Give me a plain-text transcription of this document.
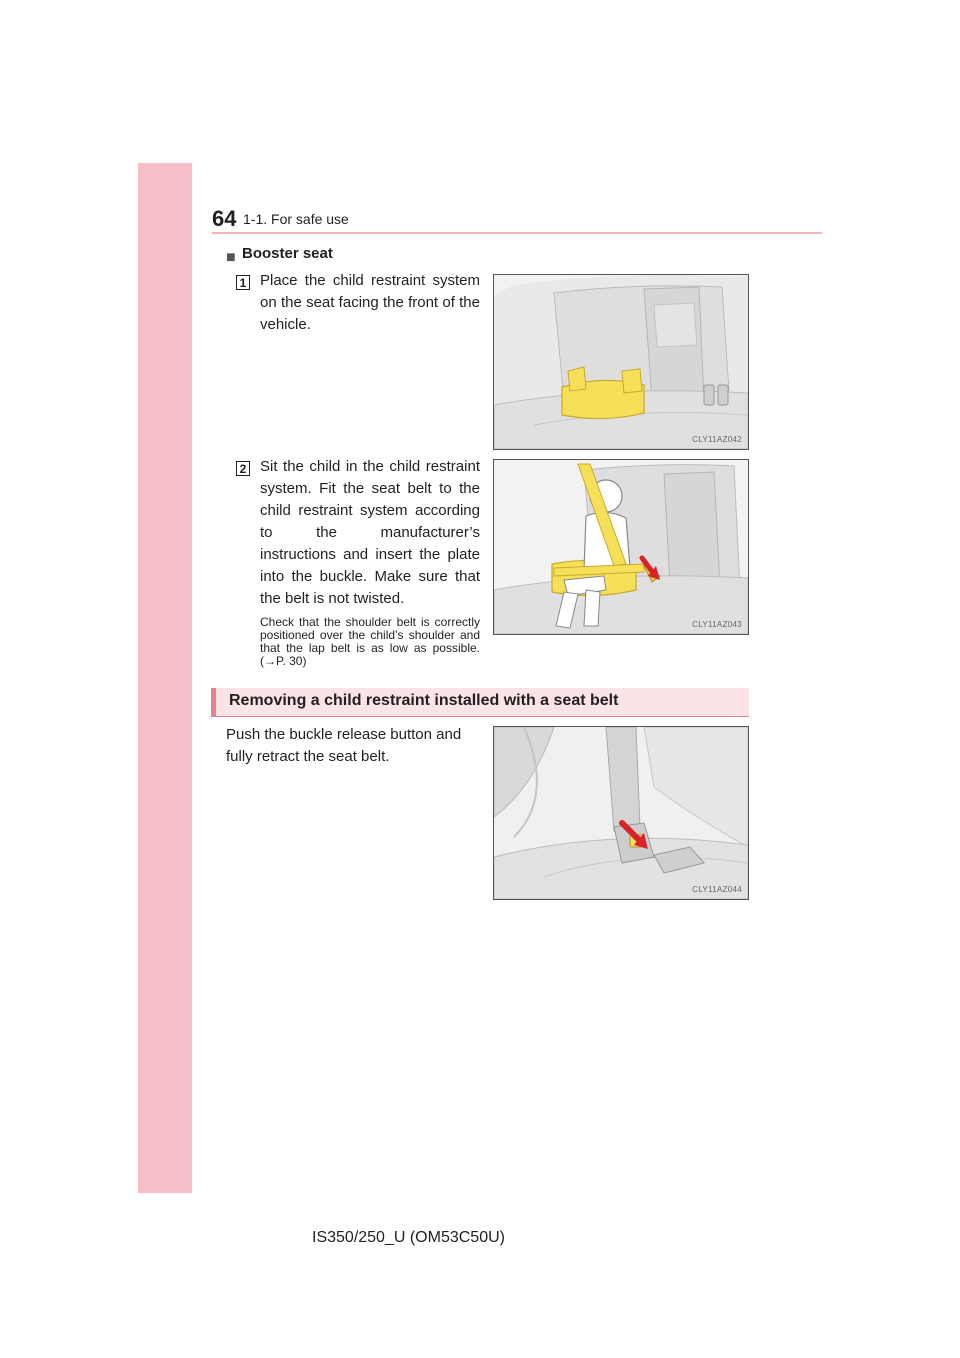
64 1-1. For safe use
■ Booster seat
1 Place the child restraint system on the seat facing the front of the vehicle.
CLY11AZ042
2 Sit the child in the child restraint system. Fit the seat belt to the child restraint system according to the manufacturer’s instructions and insert the plate into the buckle. Make sure that the belt is not twisted.
Check that the shoulder belt is correctly positioned over the child’s shoulder and that the lap belt is as low as possible. (→P. 30)
CLY11AZ043
Removing a child restraint installed with a seat belt
Push the buckle release button and fully retract the seat belt.
CLY11AZ044
IS350/250_U (OM53C50U)
